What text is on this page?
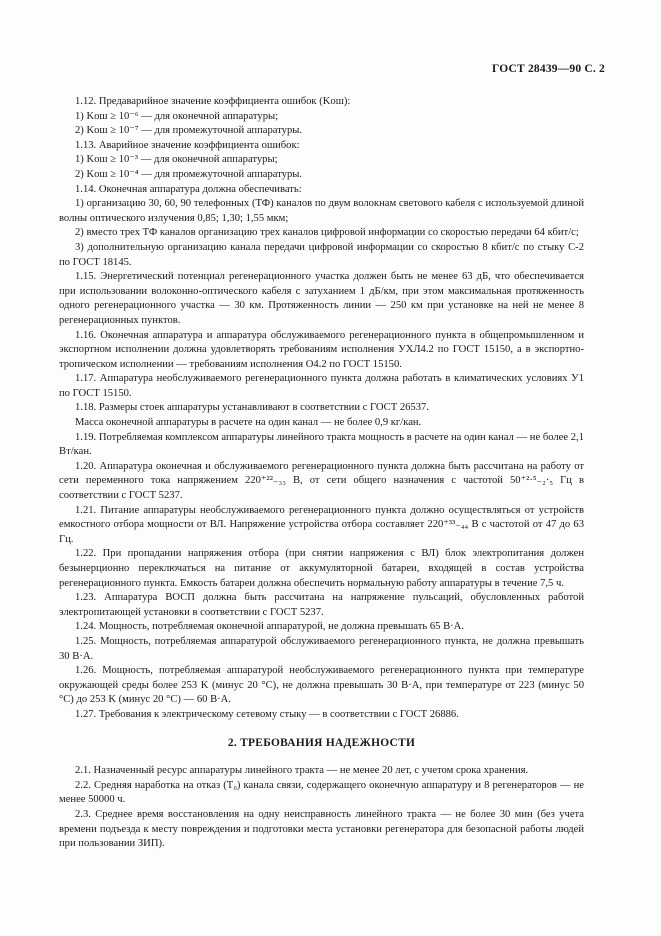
ГОСТ 28439—90 С. 2

1.12. Предаварийное значение коэффициента ошибок (Kош):

1) Kош ≥ 10⁻⁶ — для оконечной аппаратуры;

2) Kош ≥ 10⁻⁷ — для промежуточной аппаратуры.

1.13. Аварийное значение коэффициента ошибок:

1) Kош ≥ 10⁻³ — для оконечной аппаратуры;

2) Kош ≥ 10⁻⁴ — для промежуточной аппаратуры.

1.14. Оконечная аппаратура должна обеспечивать:

1) организацию 30, 60, 90 телефонных (ТФ) каналов по двум волокнам светового кабеля с используемой длиной волны оптического излучения 0,85; 1,30; 1,55 мкм;

2) вместо трех ТФ каналов организацию трех каналов цифровой информации со скоростью передачи 64 кбит/с;

3) дополнительную организацию канала передачи цифровой информации со скоростью 8 кбит/с по стыку С-2 по ГОСТ 18145.

1.15. Энергетический потенциал регенерационного участка должен быть не менее 63 дБ, что обеспечивается при использовании волоконно-оптического кабеля с затуханием 1 дБ/км, при этом максимальная протяженность одного регенерационного участка — 30 км. Протяженность линии — 250 км при установке на ней не менее 8 регенерационных пунктов.

1.16. Оконечная аппаратура и аппаратура обслуживаемого регенерационного пункта в общепромышленном и экспортном исполнении должна удовлетворять требованиям исполнения УХЛ4.2 по ГОСТ 15150, а в экспортно-тропическом исполнении — требованиям исполнения О4.2 по ГОСТ 15150.

1.17. Аппаратура необслуживаемого регенерационного пункта должна работать в климатических условиях У1 по ГОСТ 15150.

1.18. Размеры стоек аппаратуры устанавливают в соответствии с ГОСТ 26537.

Масса оконечной аппаратуры в расчете на один канал — не более 0,9 кг/кан.

1.19. Потребляемая комплексом аппаратуры линейного тракта мощность в расчете на один канал — не более 2,1 Вт/кан.

1.20. Аппаратура оконечная и обслуживаемого регенерационного пункта должна быть рассчитана на работу от сети переменного тока напряжением 220⁺²²₋₃₃ В, от сети общего назначения с частотой 50⁺²·⁵₋₂·₅ Гц в соответствии с ГОСТ 5237.

1.21. Питание аппаратуры необслуживаемого регенерационного пункта должно осуществляться от устройств емкостного отбора мощности от ВЛ. Напряжение устройства отбора составляет 220⁺³³₋₄₄ В с частотой от 47 до 63 Гц.

1.22. При пропадании напряжения отбора (при снятии напряжения с ВЛ) блок электропитания должен безынерционно переключаться на питание от аккумуляторной батареи, входящей в состав устройства регенерационного пункта. Емкость батареи должна обеспечить нормальную работу аппаратуры в течение 7,5 ч.

1.23. Аппаратура ВОСП должна быть рассчитана на напряжение пульсаций, обусловленных работой электропитающей установки в соответствии с ГОСТ 5237.

1.24. Мощность, потребляемая оконечной аппаратурой, не должна превышать 65 В·А.

1.25. Мощность, потребляемая аппаратурой обслуживаемого регенерационного пункта, не должна превышать 30 В·А.

1.26. Мощность, потребляемая аппаратурой необслуживаемого регенерационного пункта при температуре окружающей среды более 253 K (минус 20 °С), не должна превышать 30 В·А, при температуре от 223 (минус 50 °С) до 253 K (минус 20 °С) — 60 В·А.

1.27. Требования к электрическому сетевому стыку — в соответствии с ГОСТ 26886.

2. ТРЕБОВАНИЯ НАДЕЖНОСТИ

2.1. Назначенный ресурс аппаратуры линейного тракта — не менее 20 лет, с учетом срока хранения.

2.2. Средняя наработка на отказ (T₀) канала связи, содержащего оконечную аппаратуру и 8 регенераторов — не менее 50000 ч.

2.3. Среднее время восстановления на одну неисправность линейного тракта — не более 30 мин (без учета времени подъезда к месту повреждения и подготовки места установки регенератора для безопасной работы людей при пользовании ЗИП).
